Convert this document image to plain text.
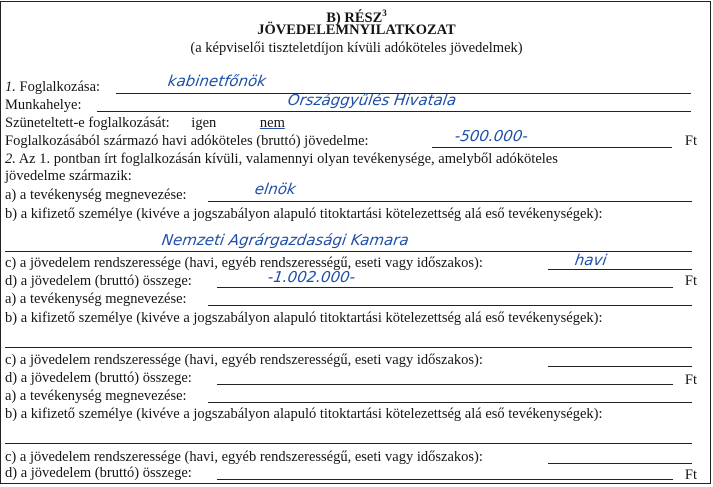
B) RÉSZ$^3$
JÖVEDELEMNYILATKOZAT
(a képviselői tiszteletdíjon kívüli adóköteles jövedelmek)
1. Foglalkozása:	kabinetfőnök
Munkahelye:	Országgyűlés Hivatala
Szüneteltett-e foglalkozását: igen	nem
Foglalkozásából származó havi adóköteles (bruttó) jövedelme:	-500.000-	Ft
2. Az 1. pontban írt foglalkozásán kívüli, valamennyi olyan tevékenysége, amelyből adóköteles
jövedelme származik:
a) a tevékenység megnevezése:	elnök
b) a kifizető személye (kivéve a jogszabályon alapuló titoktartási kötelezettség alá eső tevékenységek):
Nemzeti Agrárgazdasági Kamara
c) a jövedelem rendszeressége (havi, egyéb rendszerességű, eseti vagy időszakos):	havi
d) a jövedelem (bruttó) összege:	-1.002.000-	Ft
a) a tevékenység megnevezése:
b) a kifizető személye (kivéve a jogszabályon alapuló titoktartási kötelezettség alá eső tevékenységek):
c) a jövedelem rendszeressége (havi, egyéb rendszerességű, eseti vagy időszakos):
d) a jövedelem (bruttó) összege:	Ft
a) a tevékenység megnevezése:
b) a kifizető személye (kivéve a jogszabályon alapuló titoktartási kötelezettség alá eső tevékenységek):
c) a jövedelem rendszeressége (havi, egyéb rendszerességű, eseti vagy időszakos):
d) a jövedelem (bruttó) összege:	Ft
